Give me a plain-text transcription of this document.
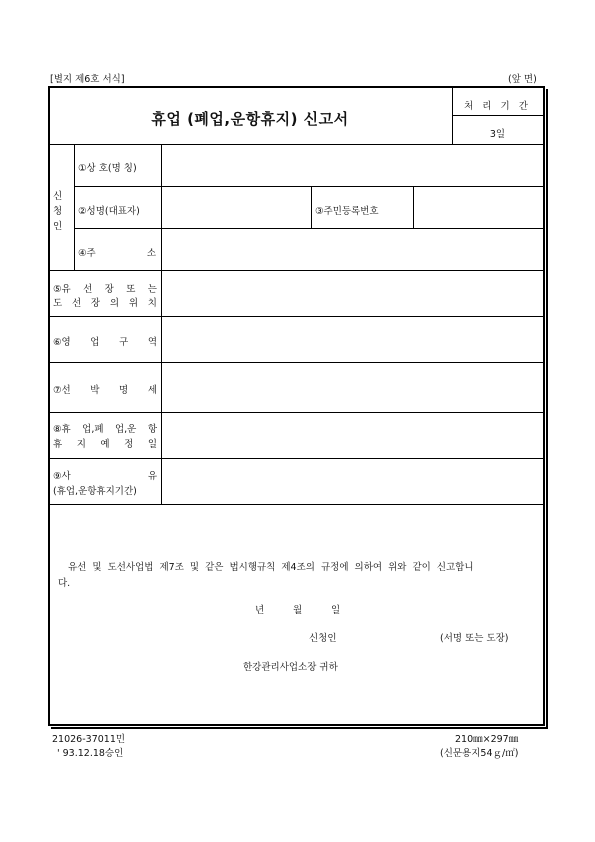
[별지 제6호 서식]	(앞 면)
휴업 (폐업,운항휴지) 신고서
처 리 기 간
3일
신
청
인
①상 호(명 칭)
②성명(대표자)	③주민등록번호
④주	소
⑤유 선 장 또 는
도 선 장 의 위 치
⑥영 업 구 역
⑦선 박 명 세
⑧휴 업,폐 업,운 항
휴 지 예 정 일
⑨사	유
(휴업,운항휴지기간)
유선 및 도선사업법 제7조 및 같은 법시행규칙 제4조의 규정에 의하여 위와 같이 신고합니
다.
년	월	일
신청인	(서명 또는 도장)
한강관리사업소장 귀하
21026-37011민
' 93.12.18승인
210㎜×297㎜
(신문용지54ｇ/㎡)
